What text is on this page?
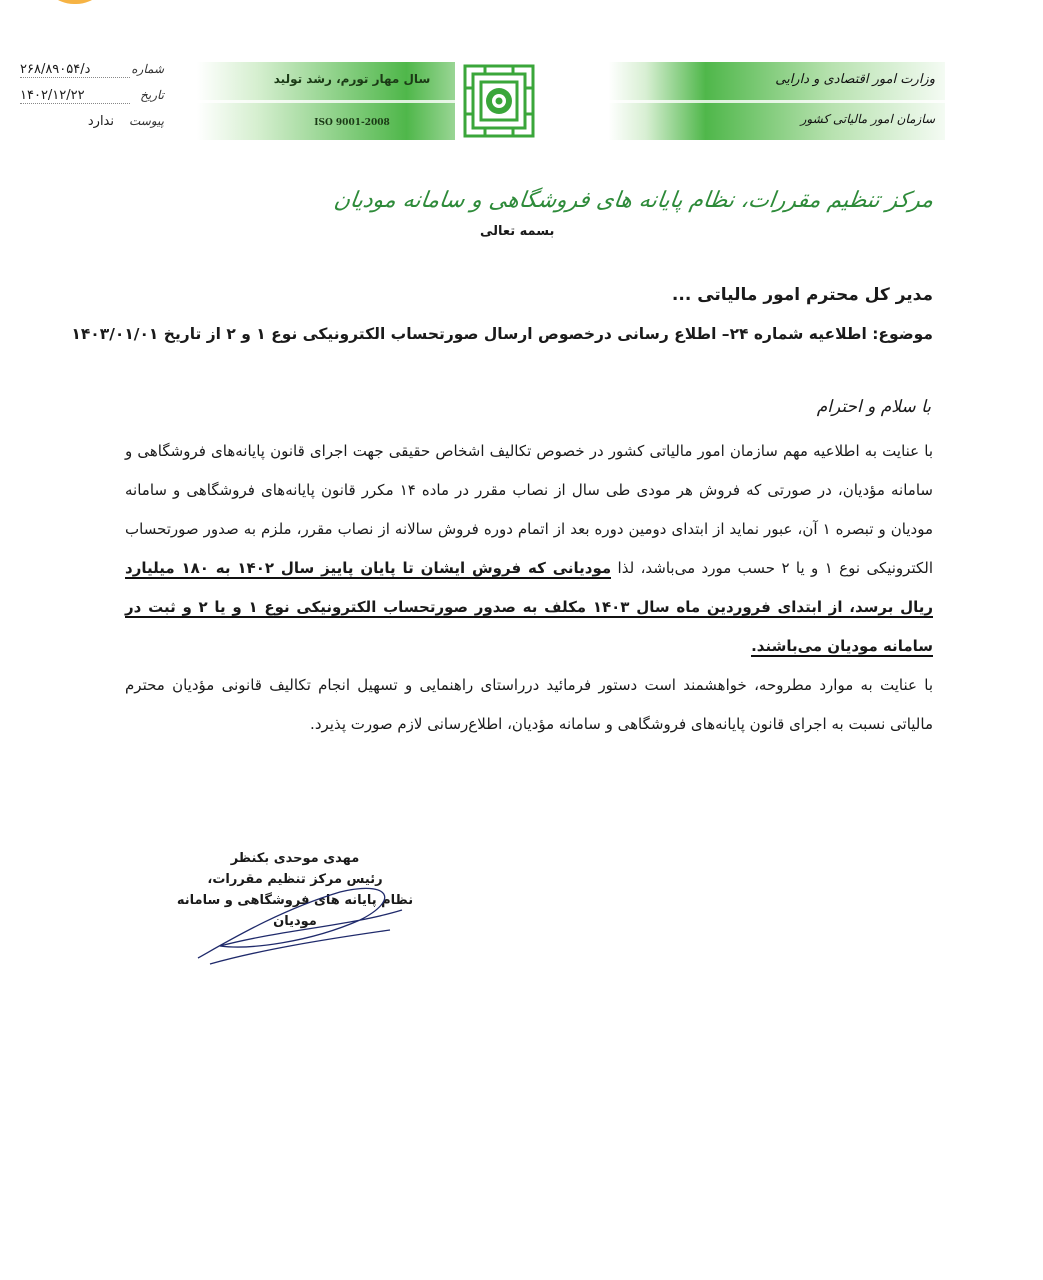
شماره
د/۲۶۸/۸۹۰۵۴
تاریخ
۱۴۰۲/۱۲/۲۲
پیوست
ندارد
سال مهار تورم، رشد تولید
ISO 9001-2008
وزارت امور اقتصادی و دارایی
سازمان امور مالیاتی کشور
مرکز تنظیم مقررات، نظام پایانه های فروشگاهی و سامانه مودیان
بسمه تعالی
مدیر کل محترم امور مالیاتی ...
موضوع: اطلاعیه شماره ۲۴– اطلاع رسانی درخصوص ارسال صورتحساب الکترونیکی نوع ۱ و ۲ از تاریخ ۱۴۰۳/۰۱/۰۱
با سلام و احترام

با عنایت به اطلاعیه مهم سازمان امور مالیاتی کشور در خصوص تکالیف اشخاص حقیقی جهت اجرای قانون پایانه‌های فروشگاهی و سامانه مؤدیان، در صورتی که فروش هر مودی طی سال از نصاب مقرر در ماده ۱۴ مکرر قانون پایانه‌های فروشگاهی و سامانه مودیان و تبصره ۱ آن، عبور نماید از ابتدای دومین دوره بعد از اتمام دوره فروش سالانه از نصاب مقرر، ملزم به صدور صورتحساب الکترونیکی نوع ۱ و یا ۲ حسب مورد می‌باشد، لذا مودیانی که فروش ایشان تا پایان پاییز سال ۱۴۰۲ به ۱۸۰ میلیارد ریال برسد، از ابتدای فروردین ماه سال ۱۴۰۳ مکلف به صدور صورتحساب الکترونیکی نوع ۱ و یا ۲ و ثبت در سامانه مودیان می‌باشند.

با عنایت به موارد مطروحه، خواهشمند است دستور فرمائید درراستای راهنمایی و تسهیل انجام تکالیف قانونی مؤدیان محترم مالیاتی نسبت به اجرای قانون پایانه‌های فروشگاهی و سامانه مؤدیان، اطلاع‌رسانی لازم صورت پذیرد.

مهدی موحدی بکنظر
رئیس مرکز تنظیم مقررات،
نظام پایانه های فروشگاهی و سامانه مودیان
